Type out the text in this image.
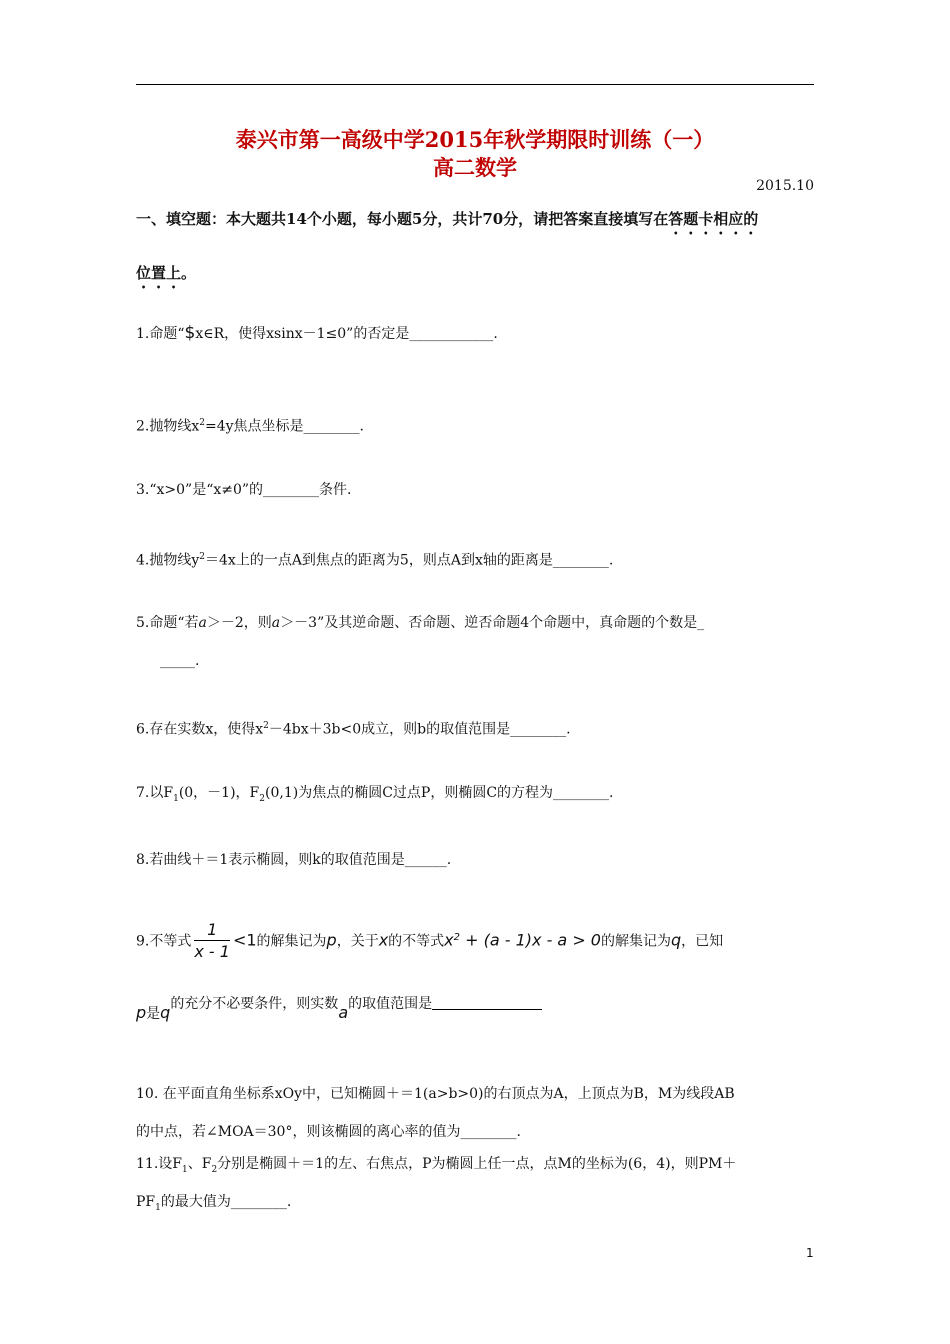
泰兴市第一高级中学2015年秋学期限时训练（一）
高二数学
2015.10
一、填空题：本大题共14个小题，每小题5分，共计70分，请把答案直接填写在答题卡相应的
位置上。
1.命题“$x∈R，使得xsinx－1≤0”的否定是____________.
2.抛物线$x^2=4y$焦点坐标是________.
3.“x>0”是“x≠0”的________条件.
4.抛物线$y^2=4x$上的一点A到焦点的距离为5，则点A到x轴的距离是________.
5.命题“若a＞－2，则a＞－3”及其逆命题、否命题、逆否命题4个命题中，真命题的个数是_
_____.
6.存在实数x，使得$x^2-4bx+3b<0$成立，则b的取值范围是________.
7.以$F_1(0$，－1)，$F_2(0,1)$为焦点的椭圆C过点P，则椭圆C的方程为________.
8.若曲线＋＝1表示椭圆，则k的取值范围是______.
9.不等式 $\frac{1}{x - 1} <1$的解集记为p，关于x的不等式$x^2 + (a - 1)x - a > 0$的解集记为q，已知
p是q的充分不必要条件，则实数a的取值范围是
10. 在平面直角坐标系xOy中，已知椭圆＋＝1(a>b>0)的右顶点为A，上顶点为B，M为线段AB
的中点，若∠MOA＝30°，则该椭圆的离心率的值为________.
11.设$F_1$、$F_2$分别是椭圆＋＝1的左、右焦点，P为椭圆上任一点，点M的坐标为(6，4)，则PM＋
$PF_1$的最大值为________.
1
